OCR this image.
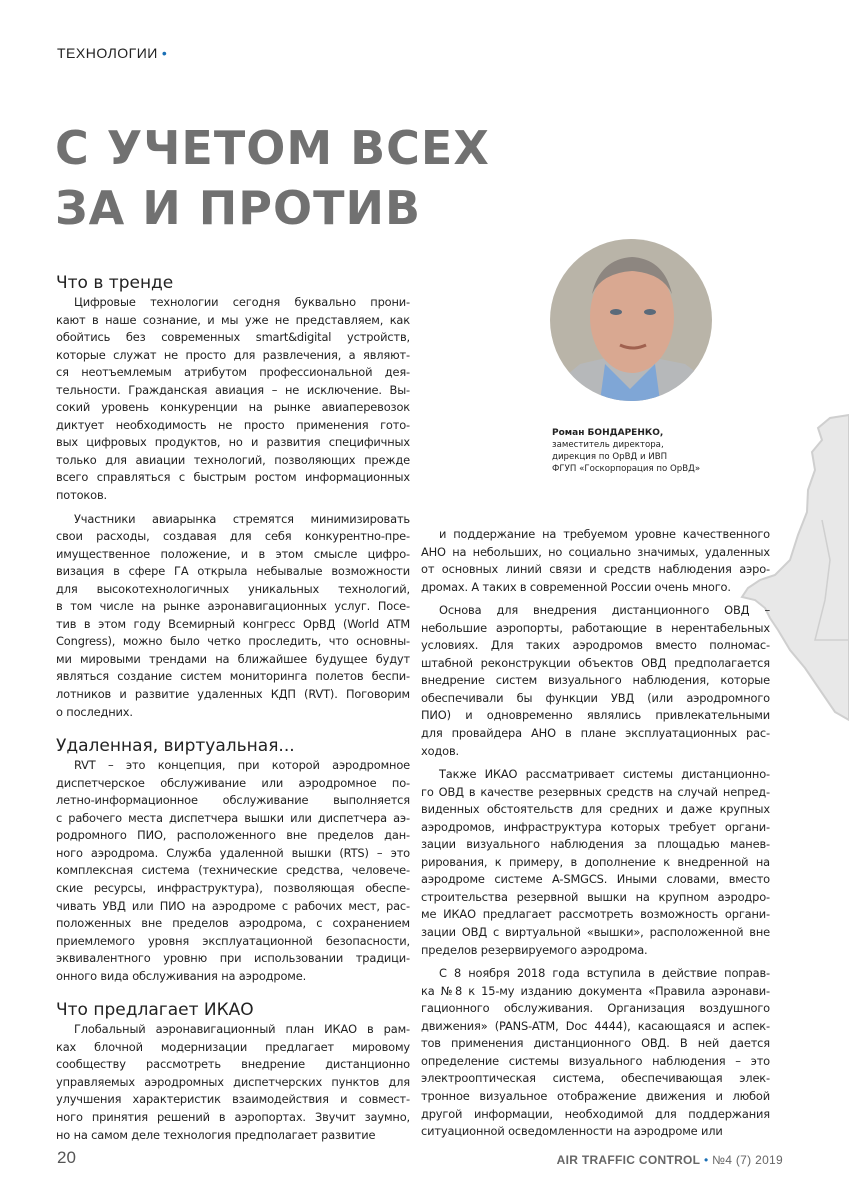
ТЕХНОЛОГИИ •
С УЧЕТОМ ВСЕХ
ЗА И ПРОТИВ
Роман БОНДАРЕНКО,
заместитель директора,
дирекция по ОрВД и ИВП
ФГУП «Госкорпорация по ОрВД»
Что в тренде
Цифровые технологии сегодня буквально прони-
кают в наше сознание, и мы уже не представляем, как
обойтись без современных smart&digital устройств,
которые служат не просто для развлечения, а являют-
ся неотъемлемым атрибутом профессиональной дея-
тельности. Гражданская авиация – не исключение. Вы-
сокий уровень конкуренции на рынке авиаперевозок
диктует необходимость не просто применения гото-
вых цифровых продуктов, но и развития специфичных
только для авиации технологий, позволяющих прежде
всего справляться с быстрым ростом информационных
потоков.
Участники авиарынка стремятся минимизировать
свои расходы, создавая для себя конкурентно-пре-
имущественное положение, и в этом смысле цифро-
визация в сфере ГА открыла небывалые возможности
для высокотехнологичных уникальных технологий,
в том числе на рынке аэронавигационных услуг. Посе-
тив в этом году Всемирный конгресс ОрВД (World ATM
Congress), можно было четко проследить, что основны-
ми мировыми трендами на ближайшее будущее будут
являться создание систем мониторинга полетов беспи-
лотников и развитие удаленных КДП (RVT). Поговорим
о последних.
Удаленная, виртуальная...
RVT – это концепция, при которой аэродромное
диспетчерское обслуживание или аэродромное по-
летно-информационное обслуживание выполняется
с рабочего места диспетчера вышки или диспетчера аэ-
родромного ПИО, расположенного вне пределов дан-
ного аэродрома. Служба удаленной вышки (RTS) – это
комплексная система (технические средства, человече-
ские ресурсы, инфраструктура), позволяющая обеспе-
чивать УВД или ПИО на аэродроме с рабочих мест, рас-
положенных вне пределов аэродрома, с сохранением
приемлемого уровня эксплуатационной безопасности,
эквивалентного уровню при использовании традици-
онного вида обслуживания на аэродроме.
Что предлагает ИКАО
Глобальный аэронавигационный план ИКАО в рам-
ках блочной модернизации предлагает мировому
сообществу рассмотреть внедрение дистанционно
управляемых аэродромных диспетчерских пунктов для
улучшения характеристик взаимодействия и совмест-
ного принятия решений в аэропортах. Звучит заумно,
но на самом деле технология предполагает развитие
и поддержание на требуемом уровне качественного
АНО на небольших, но социально значимых, удаленных
от основных линий связи и средств наблюдения аэро-
дромах. А таких в современной России очень много.
Основа для внедрения дистанционного ОВД –
небольшие аэропорты, работающие в нерентабельных
условиях. Для таких аэродромов вместо полномас-
штабной реконструкции объектов ОВД предполагается
внедрение систем визуального наблюдения, которые
обеспечивали бы функции УВД (или аэродромного
ПИО) и одновременно являлись привлекательными
для провайдера АНО в плане эксплуатационных рас-
ходов.
Также ИКАО рассматривает системы дистанционно-
го ОВД в качестве резервных средств на случай непред-
виденных обстоятельств для средних и даже крупных
аэродромов, инфраструктура которых требует органи-
зации визуального наблюдения за площадью манев-
рирования, к примеру, в дополнение к внедренной на
аэродроме системе A-SMGCS. Иными словами, вместо
строительства резервной вышки на крупном аэродро-
ме ИКАО предлагает рассмотреть возможность органи-
зации ОВД с виртуальной «вышки», расположенной вне
пределов резервируемого аэродрома.
С 8 ноября 2018 года вступила в действие поправ-
ка №8 к 15-му изданию документа «Правила аэронави-
гационного обслуживания. Организация воздушного
движения» (PANS-ATM, Doc 4444), касающаяся и аспек-
тов применения дистанционного ОВД. В ней дается
определение системы визуального наблюдения – это
электрооптическая система, обеспечивающая элек-
тронное визуальное отображение движения и любой
другой информации, необходимой для поддержания
ситуационной осведомленности на аэродроме или
20	AIR TRAFFIC CONTROL • №4 (7) 2019
